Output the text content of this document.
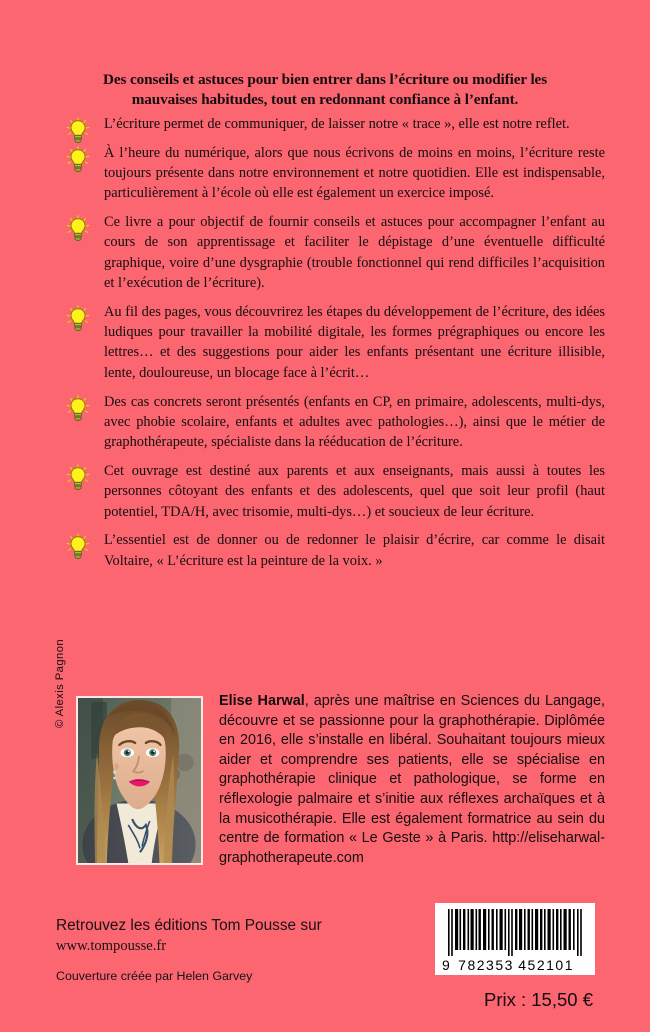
Des conseils et astuces pour bien entrer dans l’écriture ou modifier les mauvaises habitudes, tout en redonnant confiance à l’enfant.
L’écriture permet de communiquer, de laisser notre « trace », elle est notre reflet.
À l’heure du numérique, alors que nous écrivons de moins en moins, l’écriture reste toujours présente dans notre environnement et notre quotidien. Elle est indispensable, particulièrement à l’école où elle est également un exercice imposé.
Ce livre a pour objectif de fournir conseils et astuces pour accompagner l’enfant au cours de son apprentissage et faciliter le dépistage d’une éventuelle difficulté graphique, voire d’une dysgraphie (trouble fonctionnel qui rend difficiles l’acquisition et l’exécution de l’écriture).
Au fil des pages, vous découvrirez les étapes du développement de l’écriture, des idées ludiques pour travailler la mobilité digitale, les formes prégraphiques ou encore les lettres… et des suggestions pour aider les enfants présentant une écriture illisible, lente, douloureuse, un blocage face à l’écrit…
Des cas concrets seront présentés (enfants en CP, en primaire, adolescents, multi-dys, avec phobie scolaire, enfants et adultes avec pathologies…), ainsi que le métier de graphothérapeute, spécialiste dans la rééducation de l’écriture.
Cet ouvrage est destiné aux parents et aux enseignants, mais aussi à toutes les personnes côtoyant des enfants et des adolescents, quel que soit leur profil (haut potentiel, TDA/H, avec trisomie, multi-dys…) et soucieux de leur écriture.
L’essentiel est de donner ou de redonner le plaisir d’écrire, car comme le disait Voltaire, « L’écriture est la peinture de la voix. »
© Alexis Pagnon	Elise Harwal, après une maîtrise en Sciences du Langage, découvre et se passionne pour la graphothérapie. Diplômée en 2016, elle s’installe en libéral. Souhaitant toujours mieux aider et comprendre ses patients, elle se spécialise en graphothérapie clinique et pathologique, se forme en réflexologie palmaire et s’initie aux réflexes archaïques et à la musicothérapie. Elle est également formatrice au sein du centre de formation « Le Geste » à Paris. http://eliseharwal-graphotherapeute.com
Retrouvez les éditions Tom Pousse sur
www.tompousse.fr
Couverture créée par Helen Garvey
9 782353 452101
Prix : 15,50 €
